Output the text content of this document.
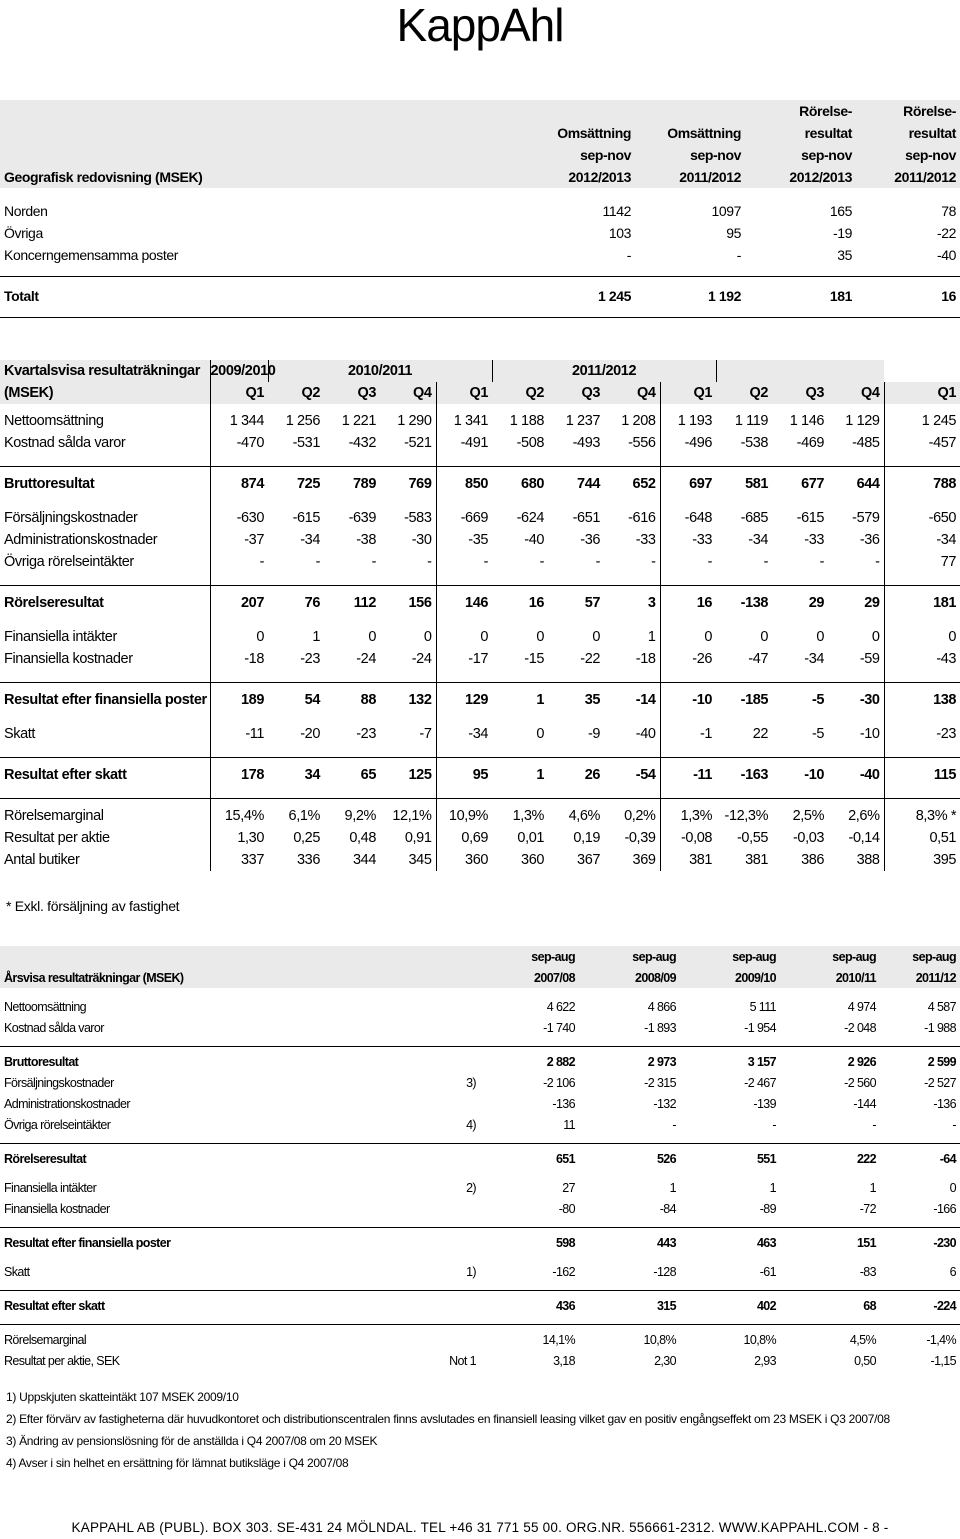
KappAhl
			Rörelse-	Rörelse-
	Omsättning	Omsättning	resultat	resultat
	sep-nov	sep-nov	sep-nov	sep-nov
Geografisk redovisning (MSEK)	2012/2013	2011/2012	2012/2013	2011/2012

Norden	1142	1097	165	78
Övriga	103	95	-19	-22
Koncerngemensamma poster	-	-	35	-40

Totalt	1 245	1 192	181	16

Kvartalsvisa resultaträkningar	2009/2010	2010/2011				2011/2012							
(MSEK)	Q1	Q2	Q3	Q4	Q1	Q2	Q3	Q4	Q1	Q2	Q3	Q4	Q1

Nettoomsättning	1 344	1 256	1 221	1 290	1 341	1 188	1 237	1 208	1 193	1 119	1 146	1 129	1 245
Kostnad sålda varor	-470	-531	-432	-521	-491	-508	-493	-556	-496	-538	-469	-485	-457

Bruttoresultat	874	725	789	769	850	680	744	652	697	581	677	644	788

Försäljningskostnader	-630	-615	-639	-583	-669	-624	-651	-616	-648	-685	-615	-579	-650
Administrationskostnader	-37	-34	-38	-30	-35	-40	-36	-33	-33	-34	-33	-36	-34
Övriga rörelseintäkter	-	-	-	-	-	-	-	-	-	-	-	-	77

Rörelseresultat	207	76	112	156	146	16	57	3	16	-138	29	29	181

Finansiella intäkter	0	1	0	0	0	0	0	1	0	0	0	0	0
Finansiella kostnader	-18	-23	-24	-24	-17	-15	-22	-18	-26	-47	-34	-59	-43

Resultat efter finansiella poster	189	54	88	132	129	1	35	-14	-10	-185	-5	-30	138

Skatt	-11	-20	-23	-7	-34	0	-9	-40	-1	22	-5	-10	-23

Resultat efter skatt	178	34	65	125	95	1	26	-54	-11	-163	-10	-40	115

Rörelsemarginal	15,4%	6,1%	9,2%	12,1%	10,9%	1,3%	4,6%	0,2%	1,3%	-12,3%	2,5%	2,6%	8,3% *
Resultat per aktie	1,30	0,25	0,48	0,91	0,69	0,01	0,19	-0,39	-0,08	-0,55	-0,03	-0,14	0,51
Antal butiker	337	336	344	345	360	360	367	369	381	381	386	388	395
* Exkl. försäljning av fastighet
		sep-aug	sep-aug	sep-aug	sep-aug	sep-aug
Årsvisa resultaträkningar (MSEK)		2007/08	2008/09	2009/10	2010/11	2011/12

Nettoomsättning		4 622	4 866	5 111	4 974	4 587
Kostnad sålda varor		-1 740	-1 893	-1 954	-2 048	-1 988

Bruttoresultat		2 882	2 973	3 157	2 926	2 599
Försäljningskostnader	3)	-2 106	-2 315	-2 467	-2 560	-2 527
Administrationskostnader		-136	-132	-139	-144	-136
Övriga rörelseintäkter	4)	11	-	-	-	-

Rörelseresultat		651	526	551	222	-64

Finansiella intäkter	2)	27	1	1	1	0
Finansiella kostnader		-80	-84	-89	-72	-166

Resultat efter finansiella poster		598	443	463	151	-230

Skatt	1)	-162	-128	-61	-83	6

Resultat efter skatt		436	315	402	68	-224

Rörelsemarginal		14,1%	10,8%	10,8%	4,5%	-1,4%
Resultat per aktie, SEK	Not 1	3,18	2,30	2,93	0,50	-1,15
1) Uppskjuten skatteintäkt 107 MSEK 2009/10
2) Efter förvärv av fastigheterna där huvudkontoret och distributionscentralen finns avslutades en finansiell leasing vilket gav en positiv engångseffekt om 23 MSEK i Q3 2007/08
3) Ändring av pensionslösning för de anställda i Q4 2007/08 om 20 MSEK
4) Avser i sin helhet en ersättning för lämnat butiksläge i Q4 2007/08
KAPPAHL AB (PUBL). BOX 303. SE-431 24 MÖLNDAL. TEL +46 31 771 55 00. ORG.NR. 556661-2312. WWW.KAPPAHL.COM - 8 -
